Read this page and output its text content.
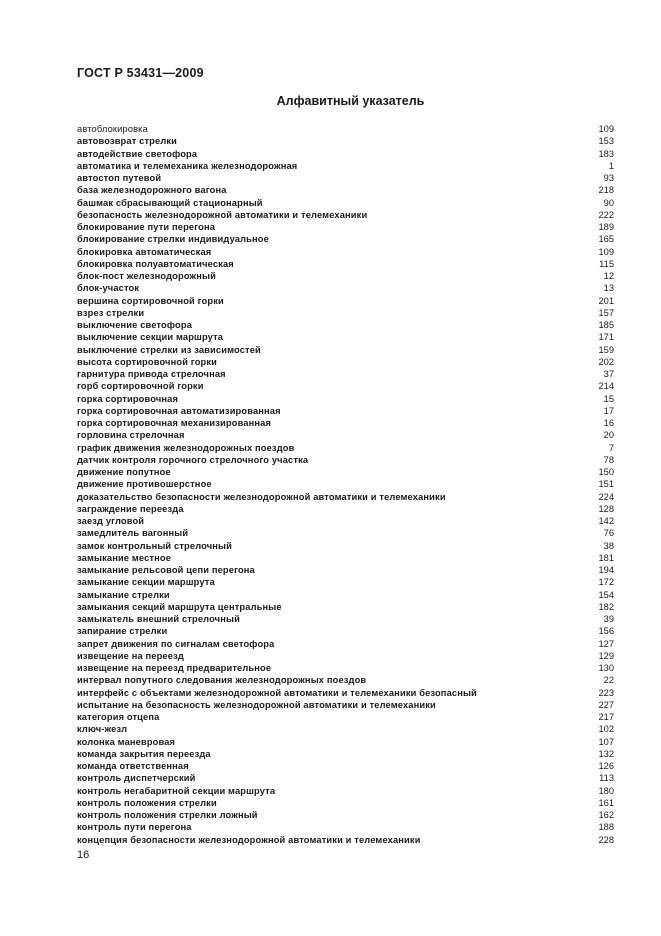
ГОСТ Р 53431—2009
Алфавитный указатель
автоблокировка	109
автовозврат стрелки	153
автодействие светофора	183
автоматика и телемеханика железнодорожная	1
автостоп путевой	93
база железнодорожного вагона	218
башмак сбрасывающий стационарный	90
безопасность железнодорожной автоматики и телемеханики	222
блокирование пути перегона	189
блокирование стрелки индивидуальное	165
блокировка автоматическая	109
блокировка полуавтоматическая	115
блок-пост железнодорожный	12
блок-участок	13
вершина сортировочной горки	201
взрез стрелки	157
выключение светофора	185
выключение секции маршрута	171
выключение стрелки из зависимостей	159
высота сортировочной горки	202
гарнитура привода стрелочная	37
горб сортировочной горки	214
горка сортировочная	15
горка сортировочная автоматизированная	17
горка сортировочная механизированная	16
горловина стрелочная	20
график движения железнодорожных поездов	7
датчик контроля горочного стрелочного участка	78
движение попутное	150
движение противошерстное	151
доказательство безопасности железнодорожной автоматики и телемеханики	224
заграждение переезда	128
заезд угловой	142
замедлитель вагонный	76
замок контрольный стрелочный	38
замыкание местное	181
замыкание рельсовой цепи перегона	194
замыкание секции маршрута	172
замыкание стрелки	154
замыкания секций маршрута центральные	182
замыкатель внешний стрелочный	39
запирание стрелки	156
запрет движения по сигналам светофора	127
извещение на переезд	129
извещение на переезд предварительное	130
интервал попутного следования железнодорожных поездов	22
интерфейс с объектами железнодорожной автоматики и телемеханики безопасный	223
испытание на безопасность железнодорожной автоматики и телемеханики	227
категория отцепа	217
ключ-жезл	102
колонка маневровая	107
команда закрытия переезда	132
команда ответственная	126
контроль диспетчерский	113
контроль негабаритной секции маршрута	180
контроль положения стрелки	161
контроль положения стрелки ложный	162
контроль пути перегона	188
концепция безопасности железнодорожной автоматики и телемеханики	228
16
